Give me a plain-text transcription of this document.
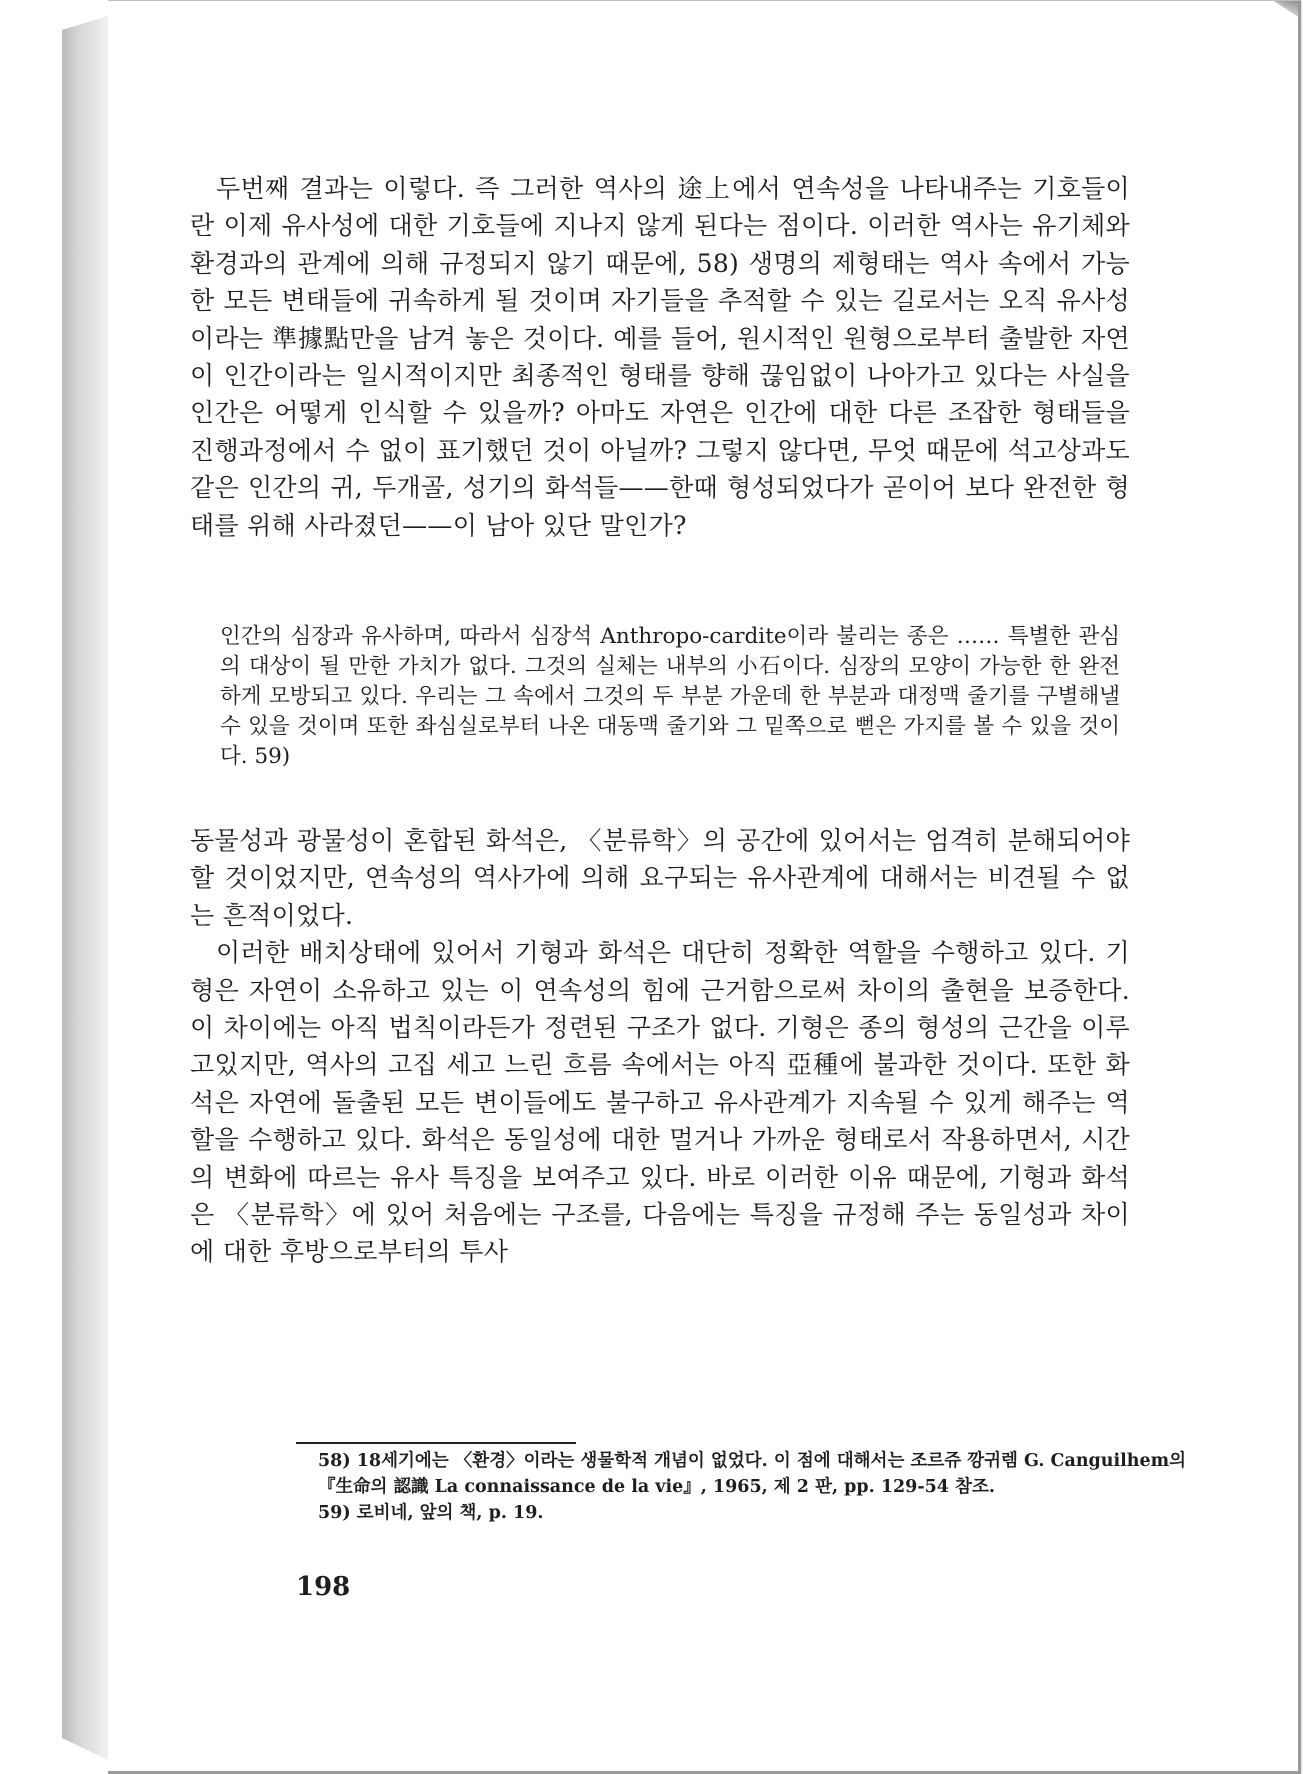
두번째 결과는 이렇다. 즉 그러한 역사의 途上에서 연속성을 나타내주는 기호들이란 이제 유사성에 대한 기호들에 지나지 않게 된다는 점이다. 이러한 역사는 유기체와 환경과의 관계에 의해 규정되지 않기 때문에, 58) 생명의 제형태는 역사 속에서 가능한 모든 변태들에 귀속하게 될 것이며 자기들을 추적할 수 있는 길로서는 오직 유사성이라는 準據點만을 남겨 놓은 것이다. 예를 들어, 원시적인 원형으로부터 출발한 자연이 인간이라는 일시적이지만 최종적인 형태를 향해 끊임없이 나아가고 있다는 사실을 인간은 어떻게 인식할 수 있을까? 아마도 자연은 인간에 대한 다른 조잡한 형태들을 진행과정에서 수 없이 표기했던 것이 아닐까? 그렇지 않다면, 무엇 때문에 석고상과도 같은 인간의 귀, 두개골, 성기의 화석들——한때 형성되었다가 곧이어 보다 완전한 형태를 위해 사라졌던——이 남아 있단 말인가?

인간의 심장과 유사하며, 따라서 심장석 Anthropo-cardite이라 불리는 종은 …… 특별한 관심의 대상이 될 만한 가치가 없다. 그것의 실체는 내부의 小石이다. 심장의 모양이 가능한 한 완전하게 모방되고 있다. 우리는 그 속에서 그것의 두 부분 가운데 한 부분과 대정맥 줄기를 구별해낼 수 있을 것이며 또한 좌심실로부터 나온 대동맥 줄기와 그 밑쪽으로 뻗은 가지를 볼 수 있을 것이다. 59)

동물성과 광물성이 혼합된 화석은, 〈분류학〉의 공간에 있어서는 엄격히 분해되어야 할 것이었지만, 연속성의 역사가에 의해 요구되는 유사관계에 대해서는 비견될 수 없는 흔적이었다.

이러한 배치상태에 있어서 기형과 화석은 대단히 정확한 역할을 수행하고 있다. 기형은 자연이 소유하고 있는 이 연속성의 힘에 근거함으로써 차이의 출현을 보증한다. 이 차이에는 아직 법칙이라든가 정련된 구조가 없다. 기형은 종의 형성의 근간을 이루고있지만, 역사의 고집 세고 느린 흐름 속에서는 아직 亞種에 불과한 것이다. 또한 화석은 자연에 돌출된 모든 변이들에도 불구하고 유사관계가 지속될 수 있게 해주는 역할을 수행하고 있다. 화석은 동일성에 대한 멀거나 가까운 형태로서 작용하면서, 시간의 변화에 따르는 유사 특징을 보여주고 있다. 바로 이러한 이유 때문에, 기형과 화석은 〈분류학〉에 있어 처음에는 구조를, 다음에는 특징을 규정해 주는 동일성과 차이에 대한 후방으로부터의 투사

58) 18세기에는 〈환경〉이라는 생물학적 개념이 없었다. 이 점에 대해서는 조르쥬 깡귀렘 G. Canguilhem의 『生命의 認識 La connaissance de la vie』, 1965, 제 2 판, pp. 129-54 참조.

59) 로비네, 앞의 책, p. 19.

198
